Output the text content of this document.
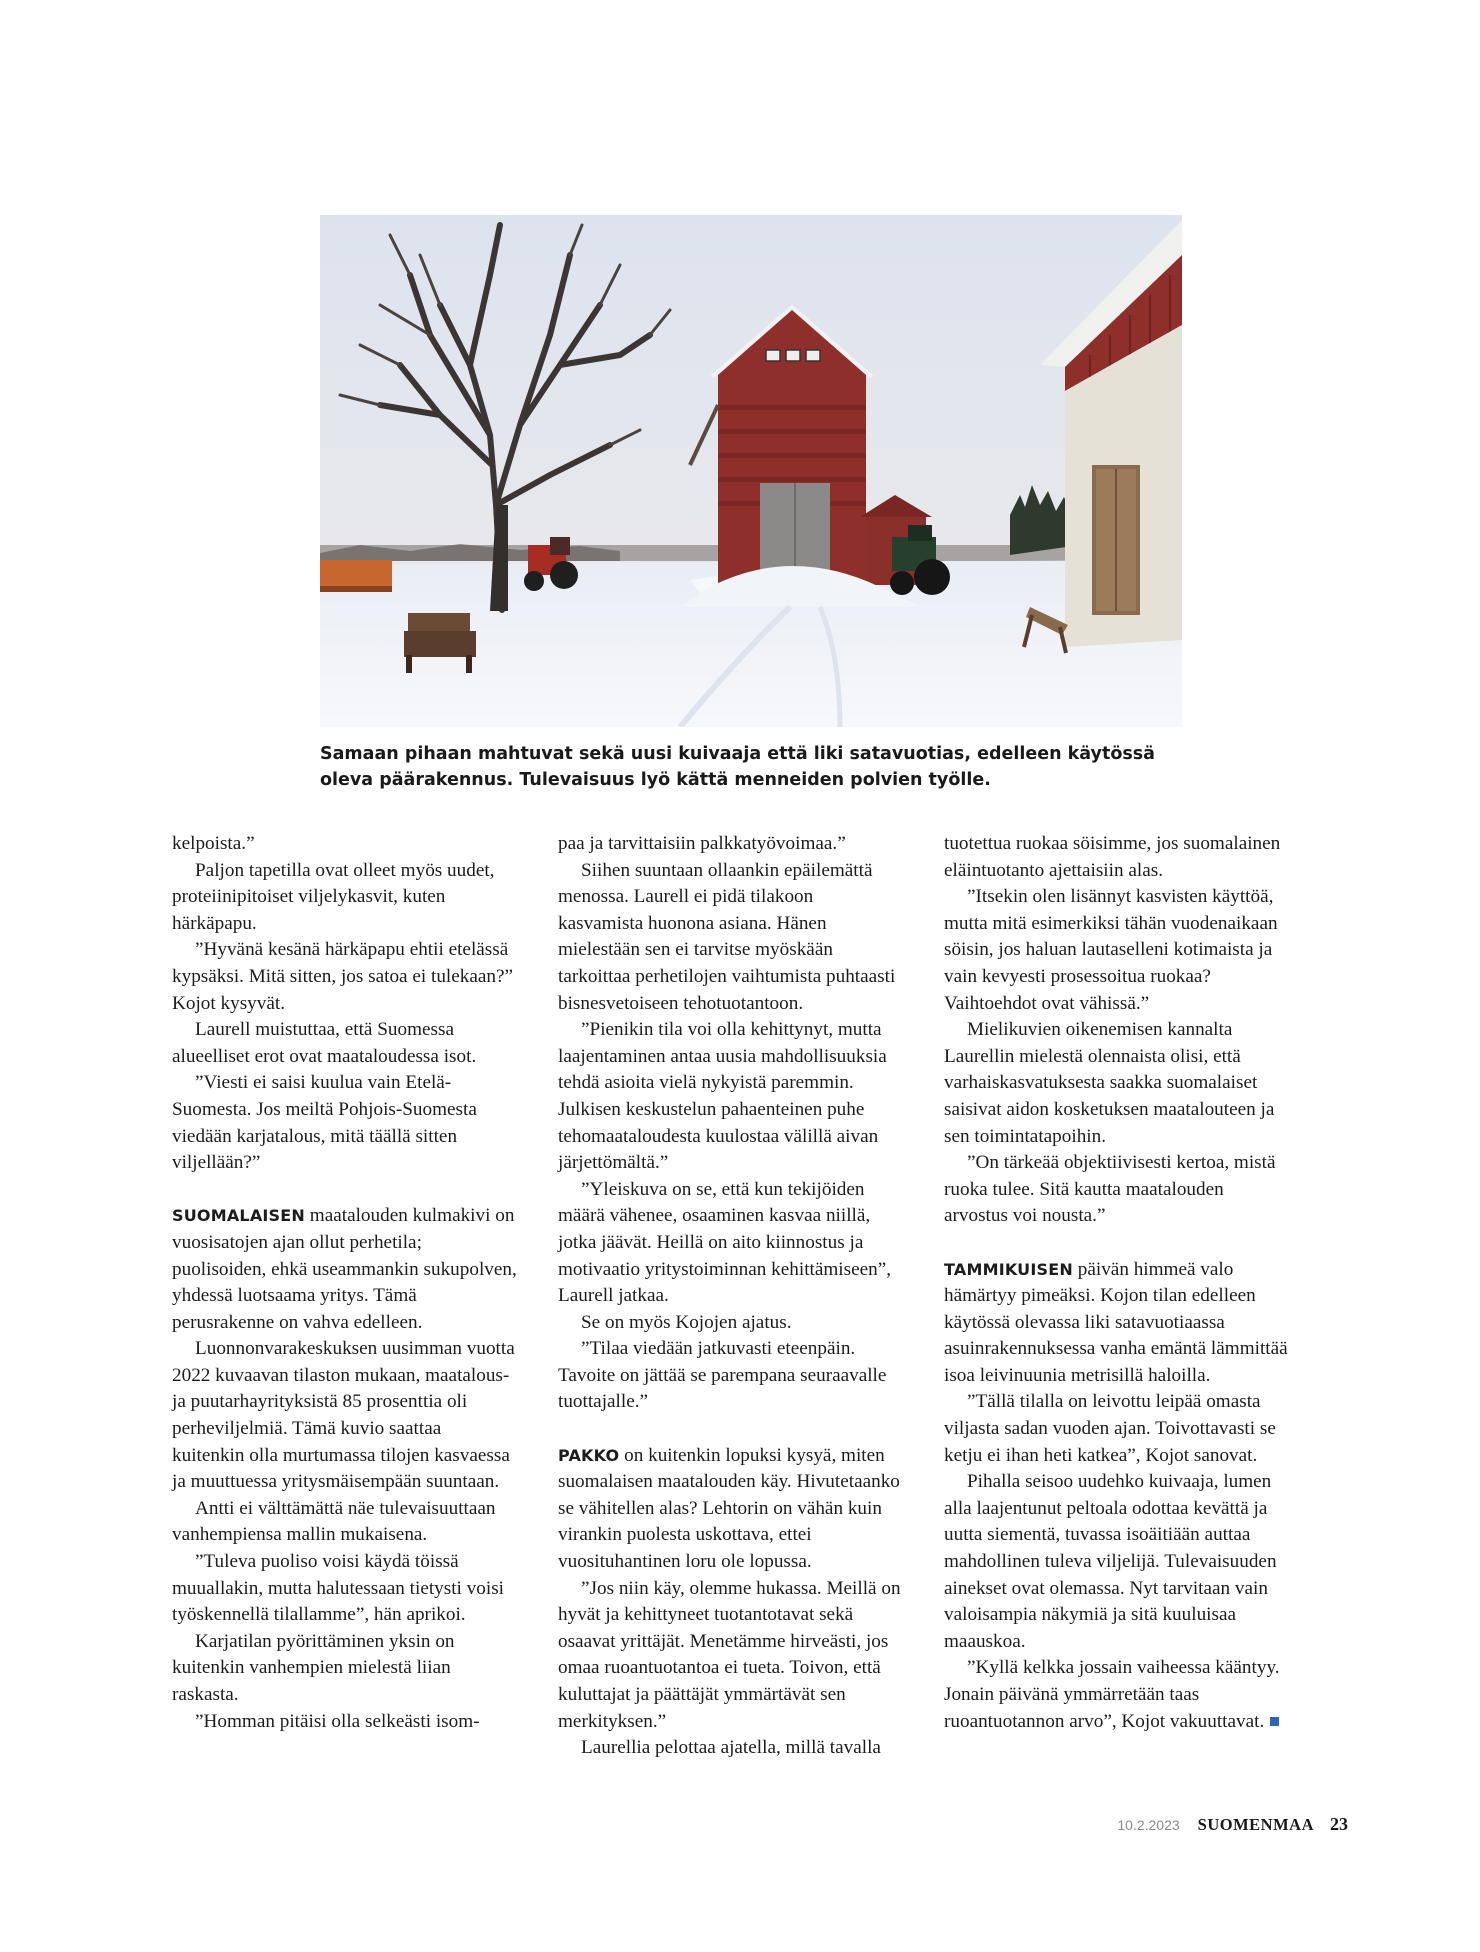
Samaan pihaan mahtuvat sekä uusi kuivaaja että liki satavuotias, edelleen käytössä oleva päärakennus. Tulevaisuus lyö kättä menneiden polvien työlle.

kelpoista.”

Paljon tapetilla ovat olleet myös uudet, proteiinipitoiset viljelykasvit, kuten härkäpapu.

”Hyvänä kesänä härkäpapu ehtii etelässä kypsäksi. Mitä sitten, jos satoa ei tulekaan?” Kojot kysyvät.

Laurell muistuttaa, että Suomessa alueelliset erot ovat maataloudessa isot.

”Viesti ei saisi kuulua vain Etelä-Suomesta. Jos meiltä Pohjois-Suomesta viedään karjatalous, mitä täällä sitten viljellään?”

SUOMALAISEN maatalouden kulmakivi on vuosisatojen ajan ollut perhetila; puolisoiden, ehkä useammankin sukupolven, yhdessä luotsaama yritys. Tämä perusrakenne on vahva edelleen.

Luonnonvarakeskuksen uusimman vuotta 2022 kuvaavan tilaston mukaan, maatalous- ja puutarhayrityksistä 85 prosenttia oli perheviljelmiä. Tämä kuvio saattaa kuitenkin olla murtumassa tilojen kasvaessa ja muuttuessa yritysmäisempään suuntaan.

Antti ei välttämättä näe tulevaisuuttaan vanhempiensa mallin mukaisena.

”Tuleva puoliso voisi käydä töissä muuallakin, mutta halutessaan tietysti voisi työskennellä tilallamme”, hän aprikoi.

Karjatilan pyörittäminen yksin on kuitenkin vanhempien mielestä liian raskasta.

”Homman pitäisi olla selkeästi isom-

paa ja tarvittaisiin palkkatyövoimaa.”

Siihen suuntaan ollaankin epäilemättä menossa. Laurell ei pidä tilakoon kasvamista huonona asiana. Hänen mielestään sen ei tarvitse myöskään tarkoittaa perhetilojen vaihtumista puhtaasti bisnesvetoiseen tehotuotantoon.

”Pienikin tila voi olla kehittynyt, mutta laajentaminen antaa uusia mahdollisuuksia tehdä asioita vielä nykyistä paremmin. Julkisen keskustelun pahaenteinen puhe tehomaataloudesta kuulostaa välillä aivan järjettömältä.”

”Yleiskuva on se, että kun tekijöiden määrä vähenee, osaaminen kasvaa niillä, jotka jäävät. Heillä on aito kiinnostus ja motivaatio yritystoiminnan kehittämiseen”, Laurell jatkaa.

Se on myös Kojojen ajatus.

”Tilaa viedään jatkuvasti eteenpäin. Tavoite on jättää se parempana seuraavalle tuottajalle.”

PAKKO on kuitenkin lopuksi kysyä, miten suomalaisen maatalouden käy. Hivutetaanko se vähitellen alas? Lehtorin on vähän kuin virankin puolesta uskottava, ettei vuosituhantinen loru ole lopussa.

”Jos niin käy, olemme hukassa. Meillä on hyvät ja kehittyneet tuotantotavat sekä osaavat yrittäjät. Menetämme hirveästi, jos omaa ruoantuotantoa ei tueta. Toivon, että kuluttajat ja päättäjät ymmärtävät sen merkityksen.”

Laurellia pelottaa ajatella, millä tavalla

tuotettua ruokaa söisimme, jos suomalainen eläintuotanto ajettaisiin alas.

”Itsekin olen lisännyt kasvisten käyttöä, mutta mitä esimerkiksi tähän vuodenaikaan söisin, jos haluan lautaselleni kotimaista ja vain kevyesti prosessoitua ruokaa? Vaihtoehdot ovat vähissä.”

Mielikuvien oikenemisen kannalta Laurellin mielestä olennaista olisi, että varhaiskasvatuksesta saakka suomalaiset saisivat aidon kosketuksen maatalouteen ja sen toimintatapoihin.

”On tärkeää objektiivisesti kertoa, mistä ruoka tulee. Sitä kautta maatalouden arvostus voi nousta.”

TAMMIKUISEN päivän himmeä valo hämärtyy pimeäksi. Kojon tilan edelleen käytössä olevassa liki satavuotiaassa asuinrakennuksessa vanha emäntä lämmittää isoa leivinuunia metrisillä haloilla.

”Tällä tilalla on leivottu leipää omasta viljasta sadan vuoden ajan. Toivottavasti se ketju ei ihan heti katkea”, Kojot sanovat.

Pihalla seisoo uudehko kuivaaja, lumen alla laajentunut peltoala odottaa kevättä ja uutta siementä, tuvassa isoäitiään auttaa mahdollinen tuleva viljelijä. Tulevaisuuden ainekset ovat olemassa. Nyt tarvitaan vain valoisampia näkymiä ja sitä kuuluisaa maauskoa.

”Kyllä kelkka jossain vaiheessa kääntyy. Jonain päivänä ymmärretään taas ruoantuotannon arvo”, Kojot vakuuttavat.

10.2.2023 SUOMENMAA 23
